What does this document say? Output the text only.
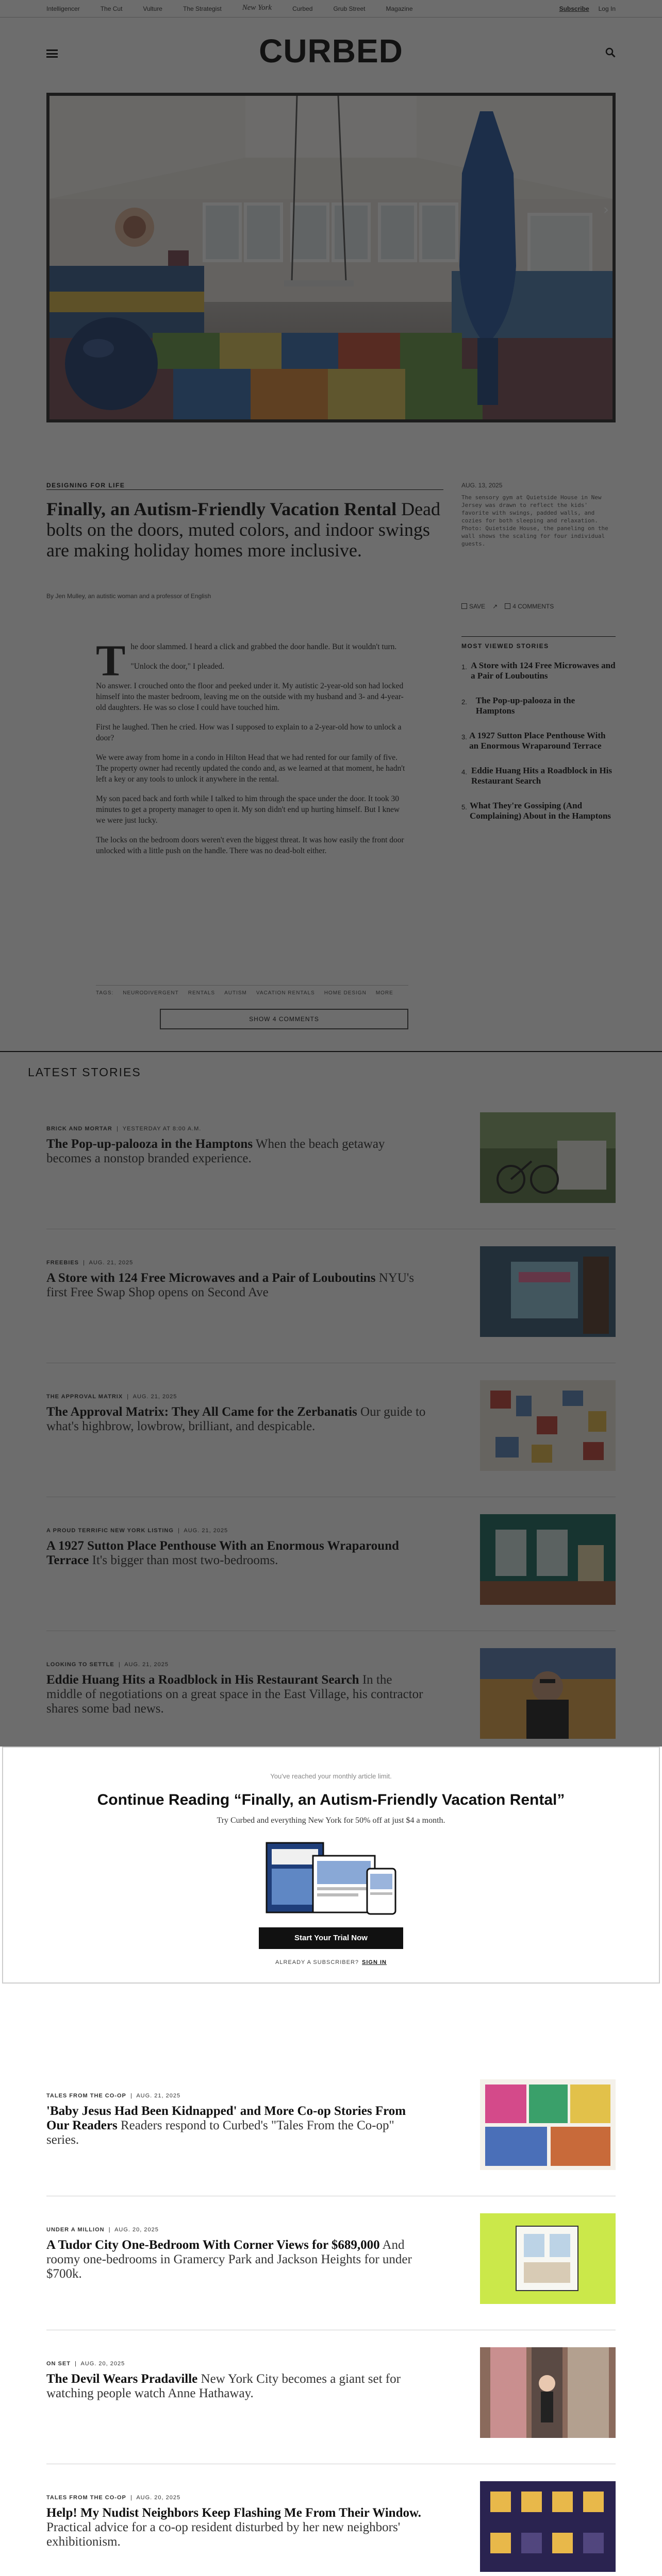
You've reached your monthly article limit.
Continue Reading “Finally, an Autism-Friendly Vacation Rental”
Try Curbed and everything New York for 50% off at just $4 a month.
Start Your Trial Now
ALREADY A SUBSCRIBER? SIGN IN
TALES FROM THE CO-OP  |  AUG. 21, 2025
'Baby Jesus Had Been Kidnapped' and More Co-op Stories From Our Readers Readers respond to Curbed's "Tales From the Co-op" series.
UNDER A MILLION  |  AUG. 20, 2025
A Tudor City One-Bedroom With Corner Views for $689,000 And roomy one-bedrooms in Gramercy Park and Jackson Heights for under $700k.
ON SET  |  AUG. 20, 2025
The Devil Wears Pradaville New York City becomes a giant set for watching people watch Anne Hathaway.
TALES FROM THE CO-OP  |  AUG. 20, 2025
Help! My Nudist Neighbors Keep Flashing Me From Their Window. Practical advice for a co-op resident disturbed by her new neighbors' exhibitionism.
